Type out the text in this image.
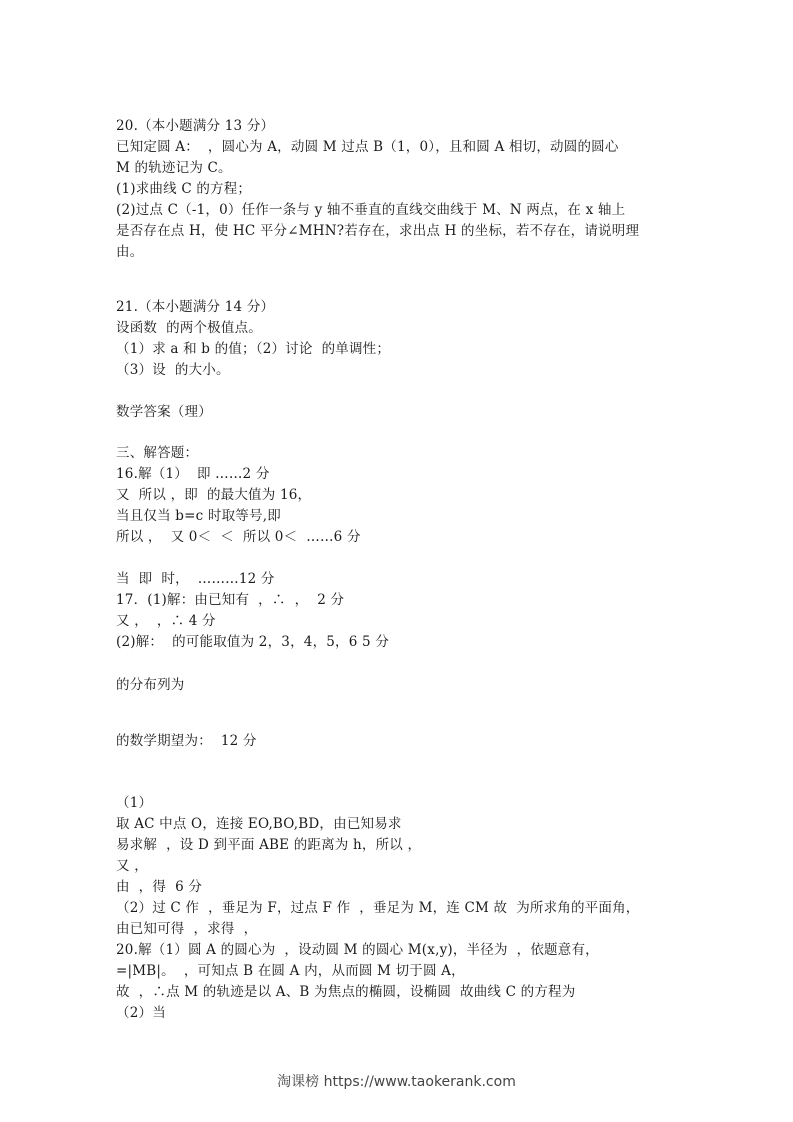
20.（本小题满分 13 分）
已知定圆 A：  ，圆心为 A，动圆 M 过点 B（1，0），且和圆 A 相切，动圆的圆心
M 的轨迹记为 C。
(1)求曲线 C 的方程；
(2)过点 C（-1，0）任作一条与 y 轴不垂直的直线交曲线于 M、N 两点，在 x 轴上
是否存在点 H，使 HC 平分∠MHN?若存在，求出点 H 的坐标，若不存在，请说明理
由。
21.（本小题满分 14 分）
设函数  的两个极值点。
（1）求 a 和 b 的值；（2）讨论  的单调性；
（3）设  的大小。
数学答案（理）
三、解答题：
16.解（1）  即 ……2 分
又  所以 ，即  的最大值为 16，
当且仅当 b=c 时取等号,即
所以 ，  又 0＜  ＜  所以 0＜  ……6 分
当  即  时，  ………12 分
17．(1)解：由已知有  ，∴  ，  2 分
又 ，  ，∴ 4 分
(2)解：  的可能取值为 2，3，4，5，6 5 分
的分布列为
的数学期望为：  12 分
（1）
取 AC 中点 O，连接 EO,BO,BD，由已知易求
易求解  ，设 D 到平面 ABE 的距离为 h，所以 ，
又 ，
由  ，得  6 分
（2）过 C 作  ，垂足为 F，过点 F 作  ，垂足为 M，连 CM 故  为所求角的平面角，
由已知可得  ，求得  ，
20.解（1）圆 A 的圆心为  ，设动圆 M 的圆心 M(x,y)，半径为  ，依题意有，
=|MB|。  ，可知点 B 在圆 A 内，从而圆 M 切于圆 A，
故  ，∴点 M 的轨迹是以 A、B 为焦点的椭圆，设椭圆  故曲线 C 的方程为
（2）当
淘课榜 https://www.taokerank.com
